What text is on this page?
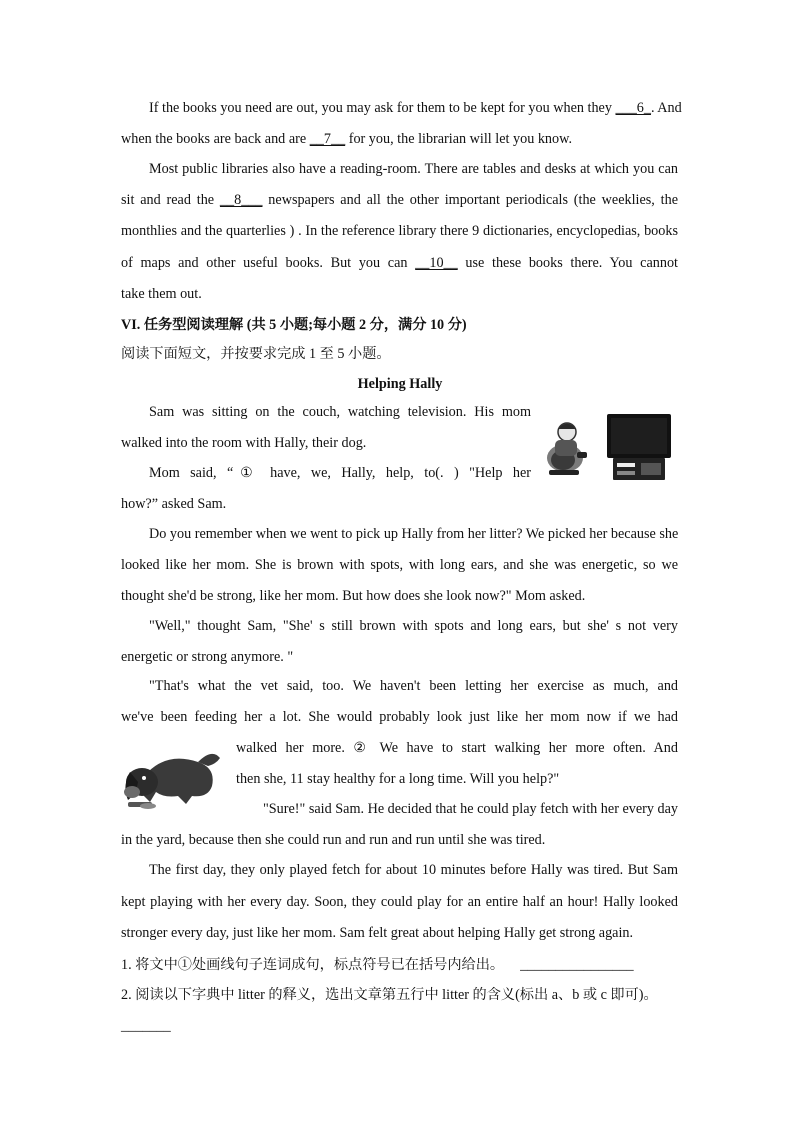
If the books you need are out, you may ask for them to be kept for you when they ___6_. And
when the books are back and are __7__ for you, the librarian will let you know.
Most public libraries also have a reading-room. There are tables and desks at which you can
sit and read the __8___ newspapers and all the other important periodicals (the weeklies, the
monthlies and the quarterlies ) . In the reference library there 9 dictionaries, encyclopedias, books
of maps and other useful books. But you can __10__ use these books there. You cannot
take them out.
VI. 任务型阅读理解 (共 5 小题;每小题 2 分，满分 10 分)
阅读下面短文，并按要求完成 1 至 5 小题。
Helping Hally
Sam was sitting on the couch, watching television. His mom
walked into the room with Hally, their dog.
Mom said, “① have, we, Hally, help, to(. ) "Help her
how?” asked Sam.
Do you remember when we went to pick up Hally from her litter? We picked her because she
looked like her mom. She is brown with spots, with long ears, and she was energetic, so we
thought she'd be strong, like her mom. But how does she look now?" Mom asked.
"Well," thought Sam, "She' s still brown with spots and long ears, but she' s not very
energetic or strong anymore. "
"That's what the vet said, too. We haven't been letting her exercise as much, and
we've been feeding her a lot. She would probably look just like her mom now if we had
walked her more. ② We have to start walking her more often. And
then she, 11 stay healthy for a long time. Will you help?"
"Sure!" said Sam. He decided that he could play fetch with her every day
in the yard, because then she could run and run and run until she was tired.
The first day, they only played fetch for about 10 minutes before Hally was tired. But Sam
kept playing with her every day. Soon, they could play for an entire half an hour! Hally looked
stronger every day, just like her mom. Sam felt great about helping Hally get strong again.
1. 将文中①处画线句子连词成句，标点符号已在括号内给出。 ________________
2. 阅读以下字典中 litter 的释义，选出文章第五行中 litter 的含义(标出 a、b 或 c 即可)。
_______
